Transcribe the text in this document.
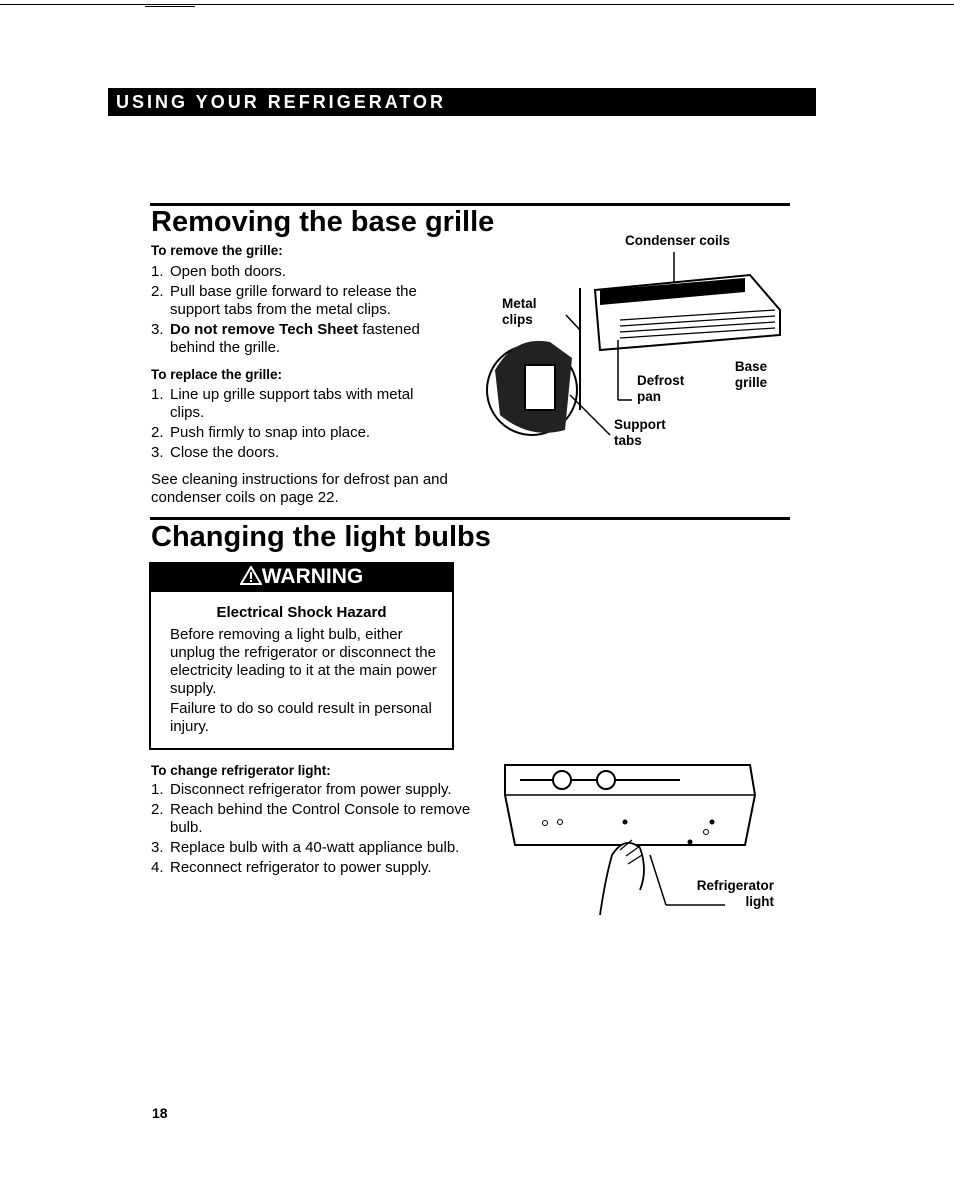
USING YOUR REFRIGERATOR
Removing the base grille
To remove the grille:
1. Open both doors.
2. Pull base grille forward to release the support tabs from the metal clips.
3. Do not remove Tech Sheet fastened behind the grille.
To replace the grille:
1. Line up grille support tabs with metal clips.
2. Push firmly to snap into place.
3. Close the doors.
See cleaning instructions for defrost pan and condenser coils on page 22.
Condenser coils
Metal clips
Base grille
Defrost pan
Support tabs
Changing the light bulbs
WARNING
Electrical Shock Hazard
Before removing a light bulb, either unplug the refrigerator or disconnect the electricity leading to it at the main power supply.
Failure to do so could result in personal injury.
To change refrigerator light:
1. Disconnect refrigerator from power supply.
2. Reach behind the Control Console to remove bulb.
3. Replace bulb with a 40-watt appliance bulb.
4. Reconnect refrigerator to power supply.
Refrigerator light
18
